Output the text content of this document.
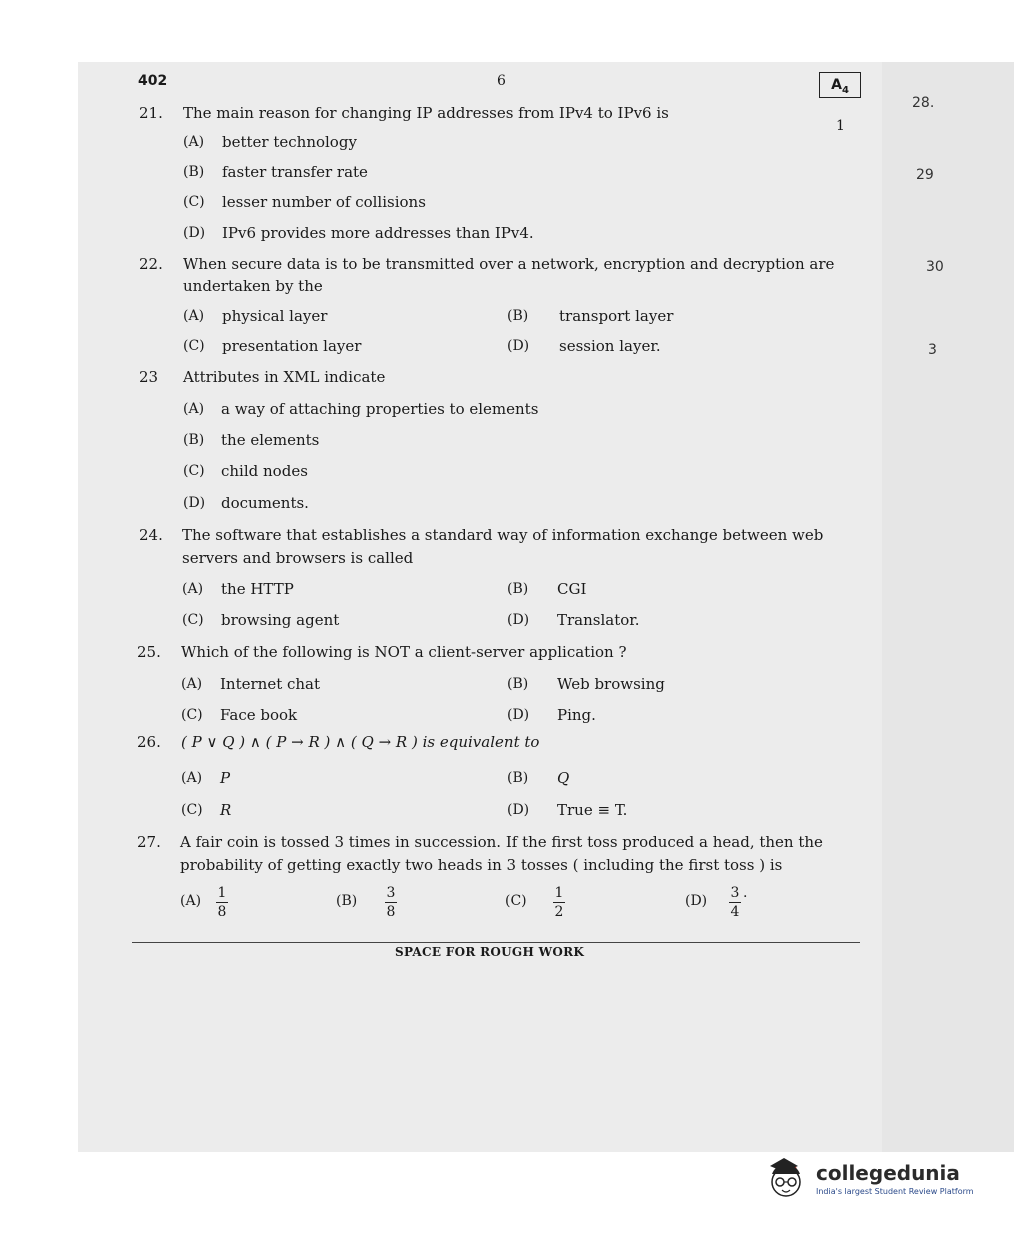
402	6	$A_4$
1
28.
29
30
3
21. The main reason for changing IP addresses from IPv4 to IPv6 is
(A) better technology
(B) faster transfer rate
(C) lesser number of collisions
(D) IPv6 provides more addresses than IPv4.
22. When secure data is to be transmitted over a network, encryption and decryption are
undertaken by the
(A) physical layer	(B) transport layer
(C) presentation layer	(D) session layer.
23 Attributes in XML indicate
(A) a way of attaching properties to elements
(B) the elements
(C) child nodes
(D) documents.
24. The software that establishes a standard way of information exchange between web
servers and browsers is called
(A) the HTTP	(B) CGI
(C) browsing agent	(D) Translator.
25. Which of the following is NOT a client-server application ?
(A) Internet chat	(B) Web browsing
(C) Face book	(D) Ping.
26. ( P ∨ Q ) ∧ ( P → R ) ∧ ( Q → R ) is equivalent to
(A) P	(B) Q
(C) R	(D) True ≡ T.
27. A fair coin is tossed 3 times in succession. If the first toss produced a head, then the
probability of getting exactly two heads in 3 tosses ( including the first toss ) is
$(A) \frac{1}{8}$	$(B) \frac{3}{8}$	$(C) \frac{1}{2}$	$(D) \frac{3}{4}$ .
SPACE FOR ROUGH WORK
collegedunia
India's largest Student Review Platform
